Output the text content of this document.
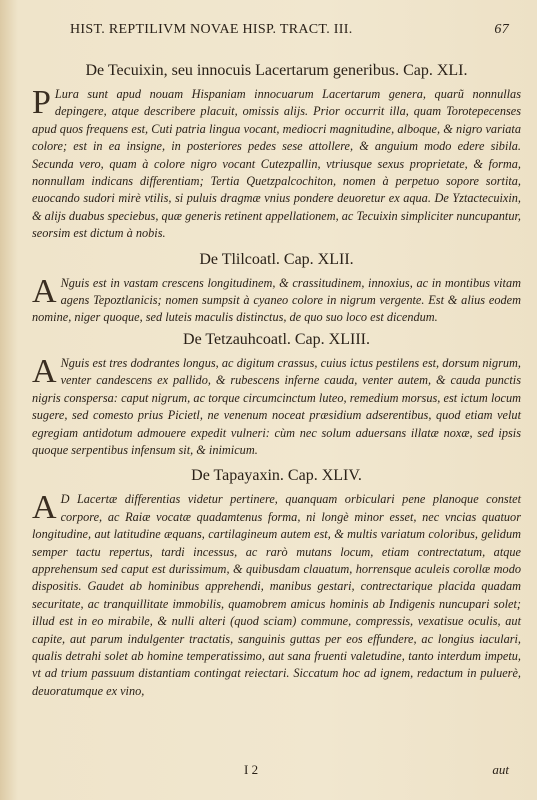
HIST. REPTILIVM NOVAE HISP. TRACT. III.	67
De Tecuixin, seu innocuis Lacertarum generibus. Cap. XLI.

P Lura sunt apud nouam Hispaniam innocuarum Lacertarum genera, quarũ nonnullas depingere, atque describere placuit, omissis alijs. Prior occurrit illa, quam Torotepecenses apud quos frequens est, Cuti patria lingua vocant, mediocri magnitudine, alboque, & nigro variata colore; est in ea insigne, in posteriores pedes sese attollere, & anguium modo edere sibila. Secunda vero, quam à colore nigro vocant Cutezpallin, vtriusque sexus proprietate, & forma, nonnullam indicans differentiam; Tertia Quetzpalcochiton, nomen à perpetuo sopore sortita, euocando sudori mirè vtilis, si puluis dragmæ vnius pondere deuoretur ex aqua. De Yztactecuixin, & alijs duabus speciebus, quæ generis retinent appellationem, ac Tecuixin simpliciter nuncupantur, seorsim est dictum à nobis.

De Tlilcoatl. Cap. XLII.

A Nguis est in vastam crescens longitudinem, & crassitudinem, innoxius, ac in montibus vitam agens Tepoztlanicis; nomen sumpsit à cyaneo colore in nigrum vergente. Est & alius eodem nomine, niger quoque, sed luteis maculis distinctus, de quo suo loco est dicendum.

De Tetzauhcoatl. Cap. XLIII.

A Nguis est tres dodrantes longus, ac digitum crassus, cuius ictus pestilens est, dorsum nigrum, venter candescens ex pallido, & rubescens inferne cauda, venter autem, & cauda punctis nigris conspersa: caput nigrum, ac torque circumcinctum luteo, remedium morsus, est ictum locum sugere, sed comesto prius Picietl, ne venenum noceat præsidium adserentibus, quod etiam velut egregiam antidotum admouere expedit vulneri: cùm nec solum aduersans illatæ noxæ, sed ipsis quoque serpentibus infensum sit, & inimicum.

De Tapayaxin. Cap. XLIV.

A D Lacertæ differentias videtur pertinere, quanquam orbiculari pene planoque constet corpore, ac Raiæ vocatæ quadamtenus forma, ni longè minor esset, nec vncias quatuor longitudine, aut latitudine æquans, cartilagineum autem est, & multis variatum coloribus, gelidum semper tactu repertus, tardi incessus, ac rarò mutans locum, etiam contrectatum, atque apprehensum sed caput est durissimum, & quibusdam clauatum, horrensque aculeis corollæ modo dispositis. Gaudet ab hominibus apprehendi, manibus gestari, contrectarique placida quadam securitate, ac tranquillitate immobilis, quamobrem amicus hominis ab Indigenis nuncupari solet; illud est in eo mirabile, & nulli alteri (quod sciam) commune, compressis, vexatisue oculis, aut capite, aut parum indulgenter tractatis, sanguinis guttas per eos effundere, ac longius iaculari, qualis detrahi solet ab homine temperatissimo, aut sana fruenti valetudine, tanto interdum impetu, vt ad trium passuum distantiam contingat reiectari. Siccatum hoc ad ignem, redactum in puluerè, deuoratumque ex vino,

I 2	aut
